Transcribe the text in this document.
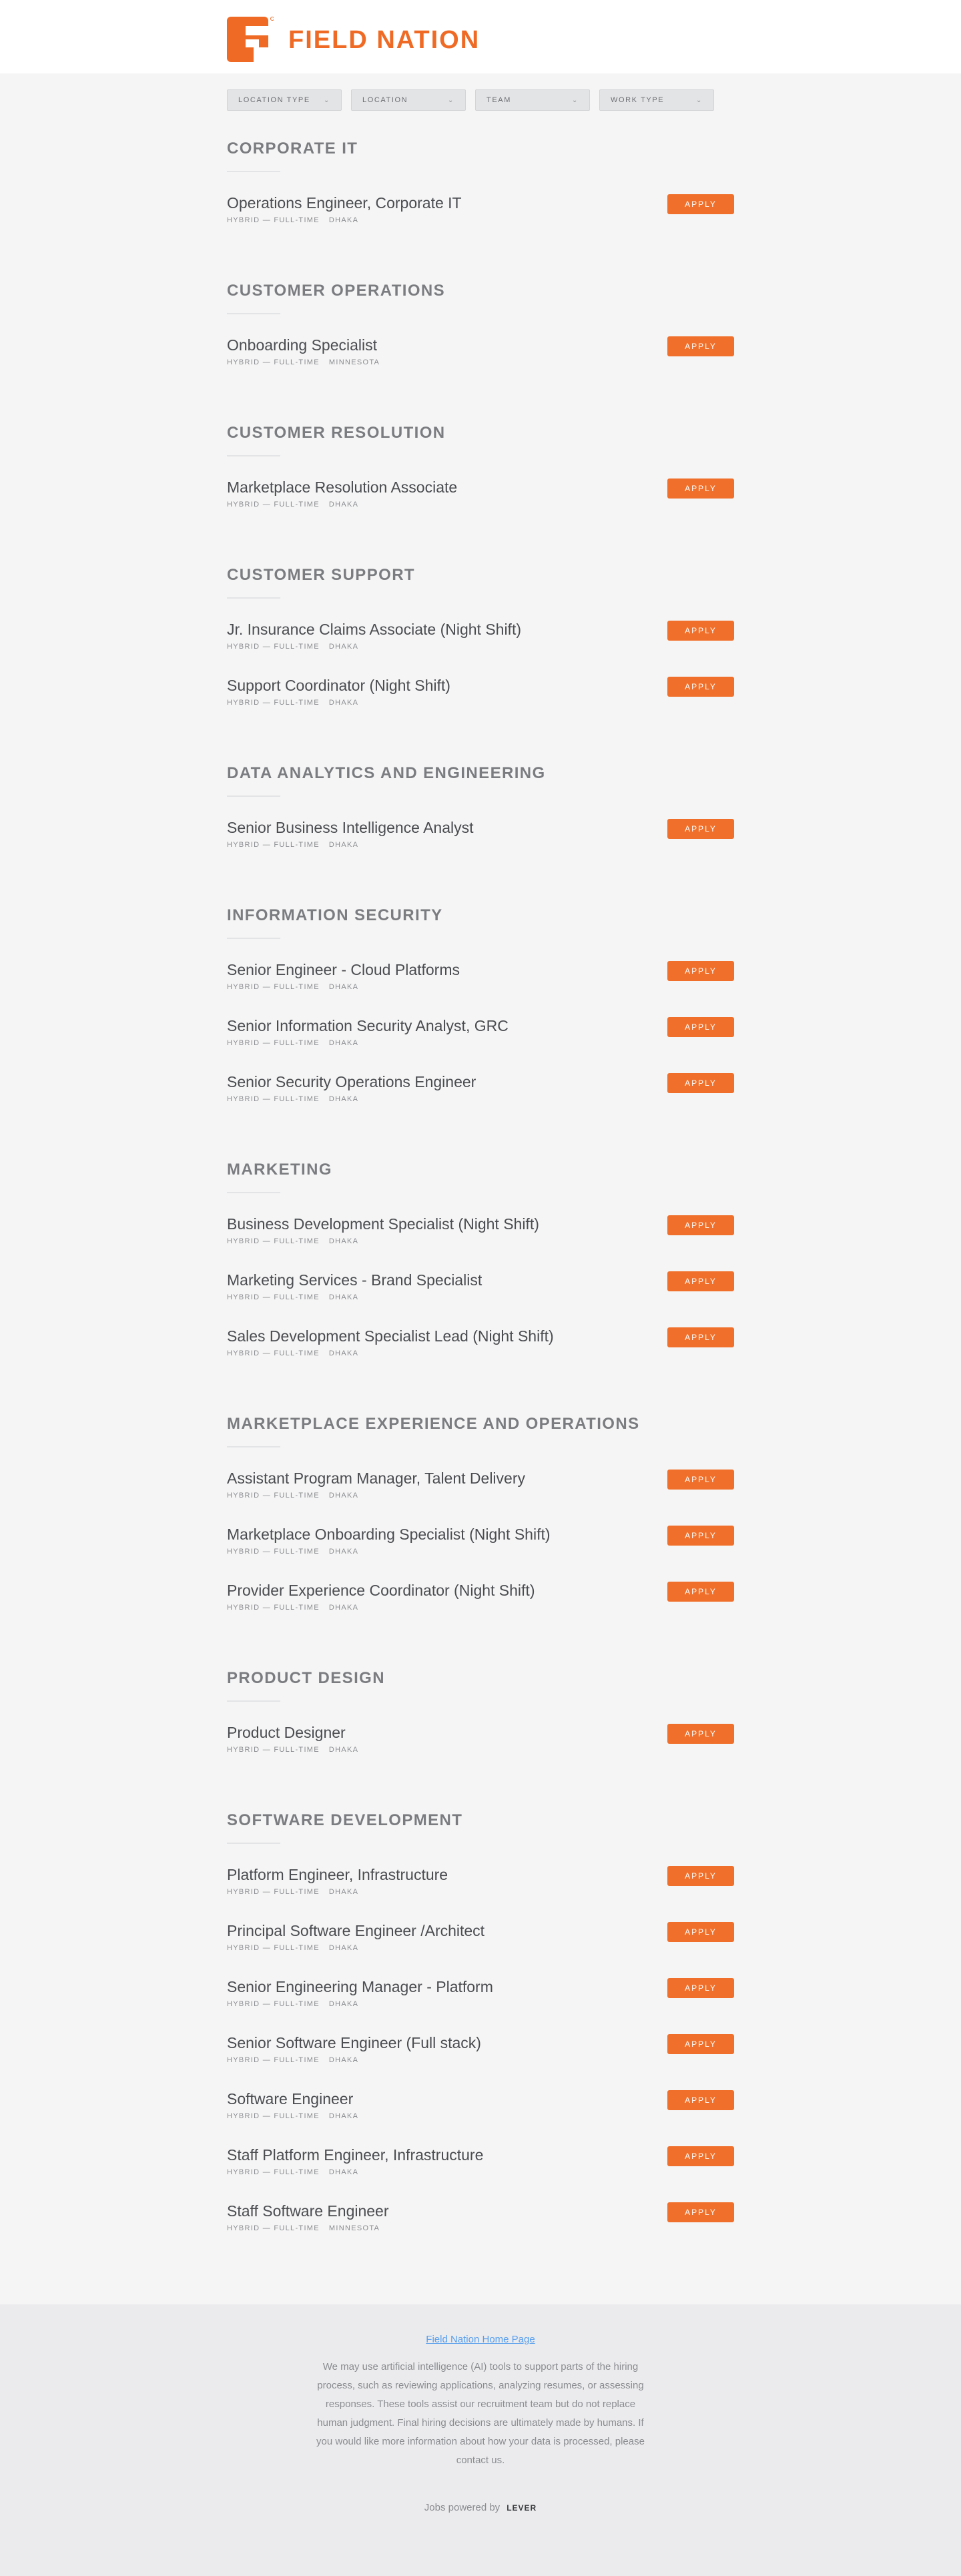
FIELD NATION
LOCATION TYPE ⌄	LOCATION	⌄	TEAM	⌄	WORK TYPE	⌄
CORPORATE IT
Operations Engineer, Corporate IT
HYBRID — FULL-TIME DHAKA
APPLY
CUSTOMER OPERATIONS
Onboarding Specialist
HYBRID — FULL-TIME MINNESOTA
APPLY
CUSTOMER RESOLUTION
Marketplace Resolution Associate
HYBRID — FULL-TIME DHAKA
APPLY
CUSTOMER SUPPORT
Jr. Insurance Claims Associate (Night Shift)
HYBRID — FULL-TIME DHAKA
APPLY
Support Coordinator (Night Shift)
HYBRID — FULL-TIME DHAKA
APPLY
DATA ANALYTICS AND ENGINEERING
Senior Business Intelligence Analyst
HYBRID — FULL-TIME DHAKA
APPLY
INFORMATION SECURITY
Senior Engineer - Cloud Platforms
HYBRID — FULL-TIME DHAKA
APPLY
Senior Information Security Analyst, GRC
HYBRID — FULL-TIME DHAKA
APPLY
Senior Security Operations Engineer
HYBRID — FULL-TIME DHAKA
APPLY
MARKETING
Business Development Specialist (Night Shift)
HYBRID — FULL-TIME DHAKA
APPLY
Marketing Services - Brand Specialist
HYBRID — FULL-TIME DHAKA
APPLY
Sales Development Specialist Lead (Night Shift)
HYBRID — FULL-TIME DHAKA
APPLY
MARKETPLACE EXPERIENCE AND OPERATIONS
Assistant Program Manager, Talent Delivery
HYBRID — FULL-TIME DHAKA
APPLY
Marketplace Onboarding Specialist (Night Shift)
HYBRID — FULL-TIME DHAKA
APPLY
Provider Experience Coordinator (Night Shift)
HYBRID — FULL-TIME DHAKA
APPLY
PRODUCT DESIGN
Product Designer
HYBRID — FULL-TIME DHAKA
APPLY
SOFTWARE DEVELOPMENT
Platform Engineer, Infrastructure
HYBRID — FULL-TIME DHAKA
APPLY
Principal Software Engineer /Architect
HYBRID — FULL-TIME DHAKA
APPLY
Senior Engineering Manager - Platform
HYBRID — FULL-TIME DHAKA
APPLY
Senior Software Engineer (Full stack)
HYBRID — FULL-TIME DHAKA
APPLY
Software Engineer
HYBRID — FULL-TIME DHAKA
APPLY
Staff Platform Engineer, Infrastructure
HYBRID — FULL-TIME DHAKA
APPLY
Staff Software Engineer
HYBRID — FULL-TIME MINNESOTA
APPLY
Field Nation Home Page
We may use artificial intelligence (AI) tools to support parts of the hiring process, such as reviewing applications, analyzing resumes, or assessing responses. These tools assist our recruitment team but do not replace human judgment. Final hiring decisions are ultimately made by humans. If you would like more information about how your data is processed, please contact us.
Jobs powered by LEVER
